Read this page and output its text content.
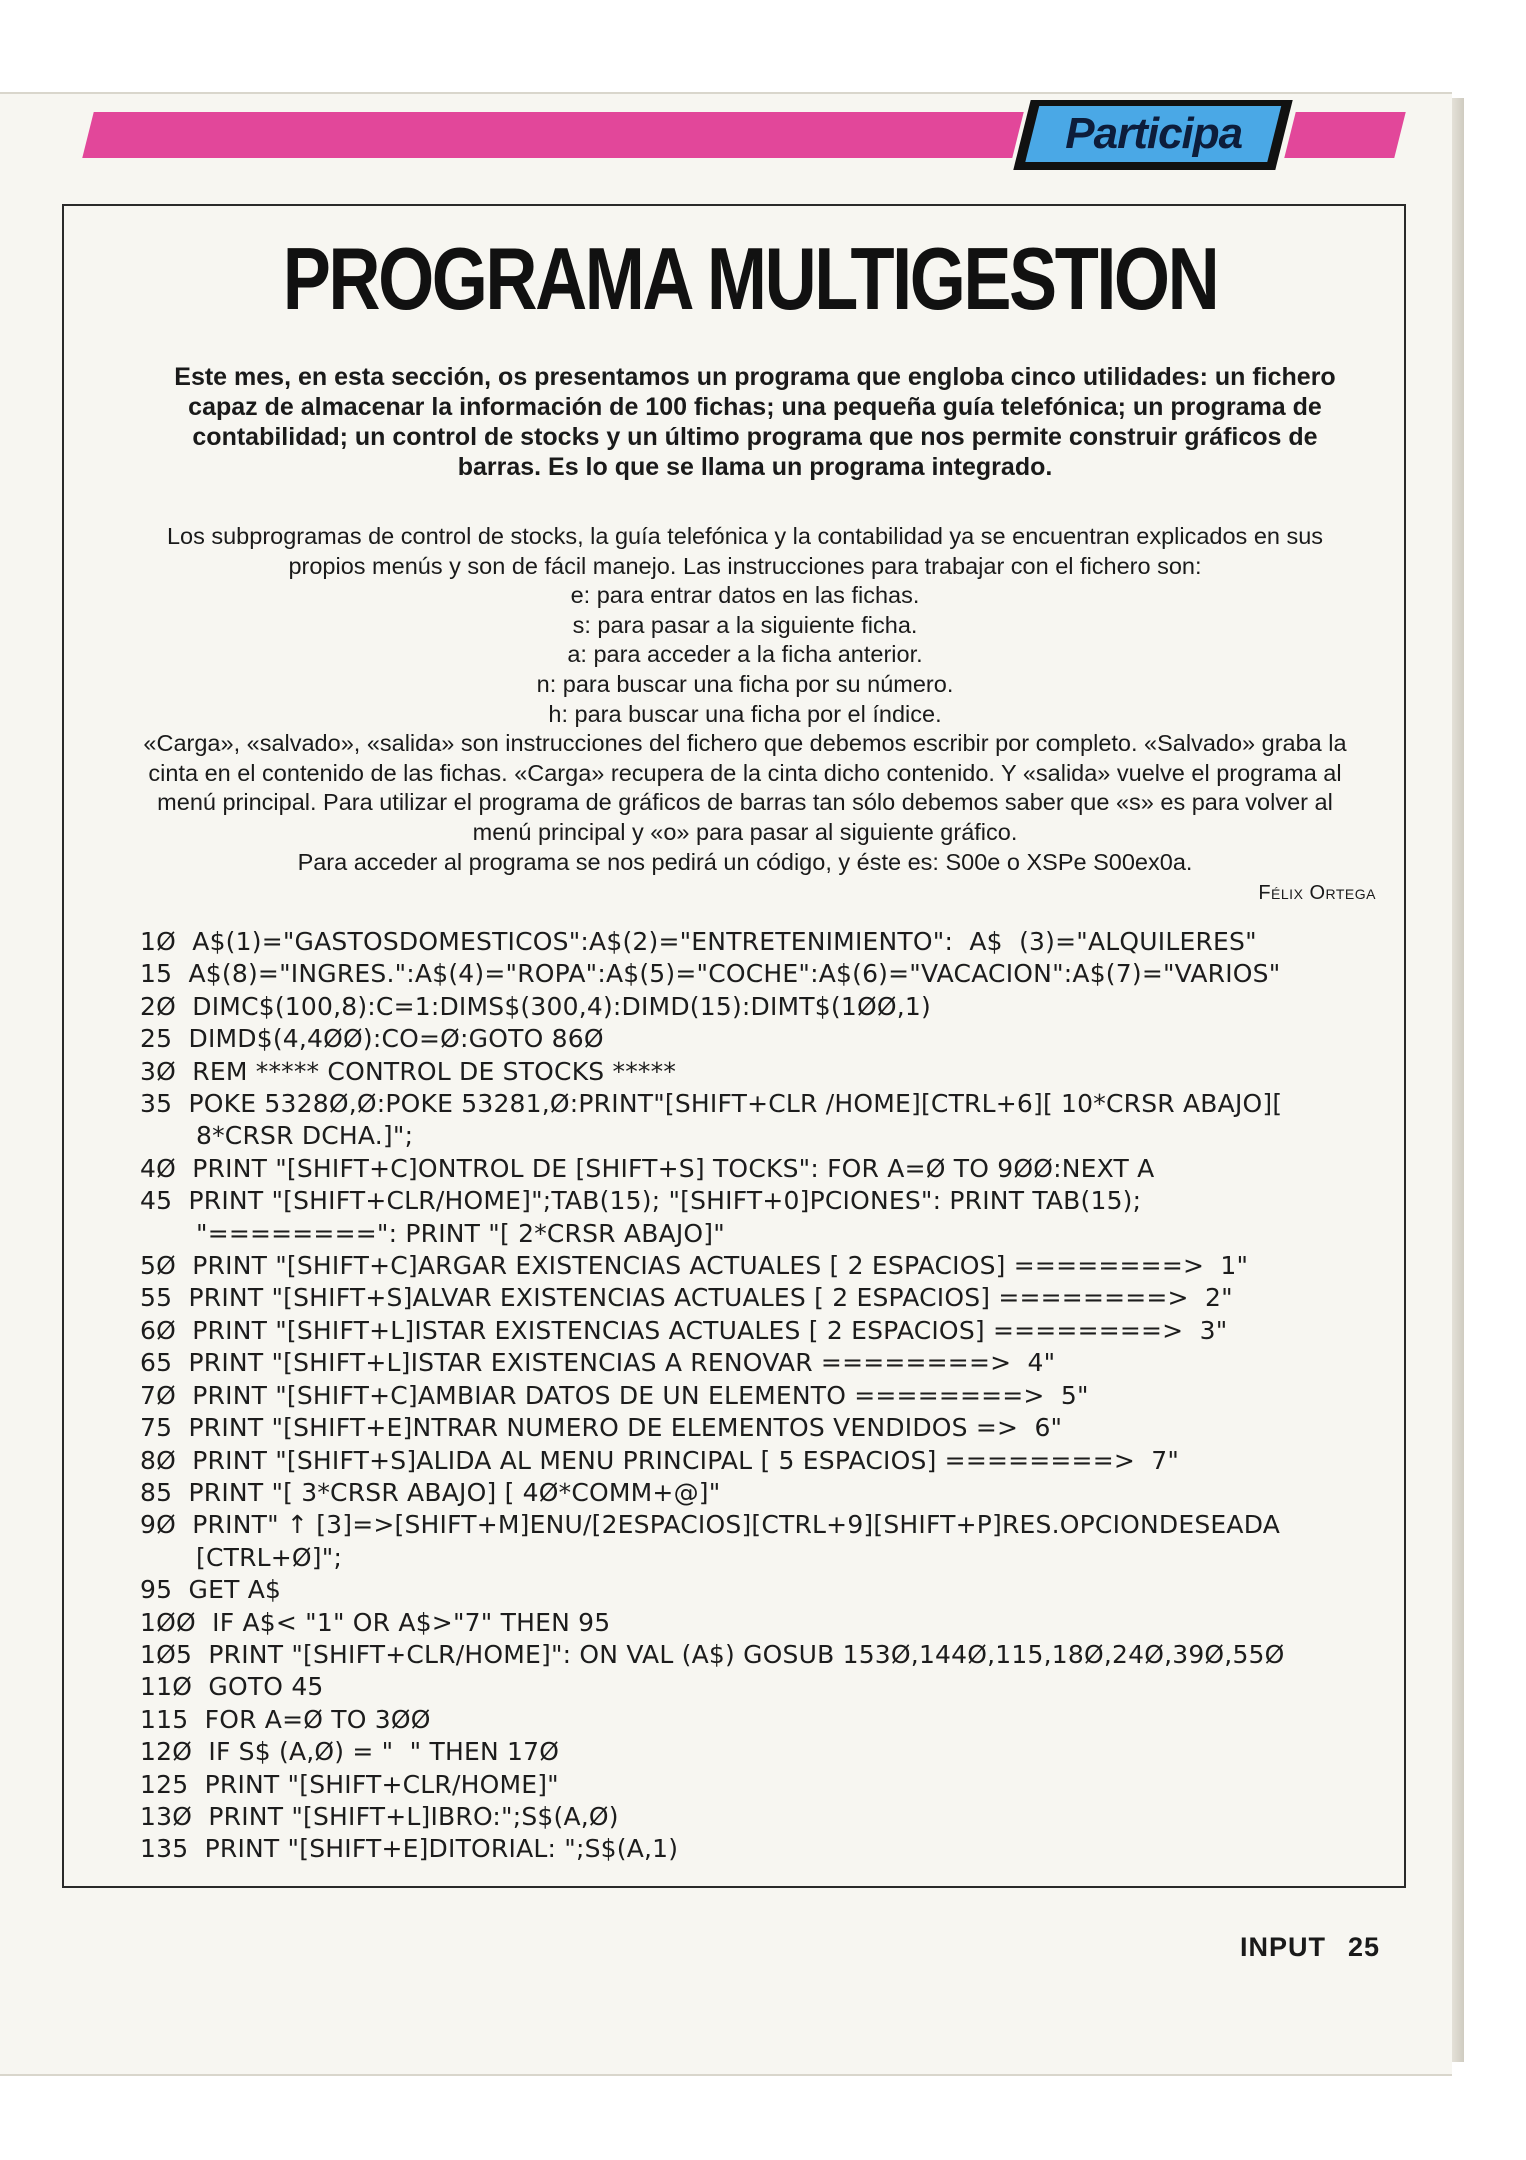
Participa
PROGRAMA MULTIGESTION

Este mes, en esta sección, os presentamos un programa que engloba cinco utilidades: un fichero capaz de almacenar la información de 100 fichas; una pequeña guía telefónica; un programa de contabilidad; un control de stocks y un último programa que nos permite construir gráficos de barras. Es lo que se llama un programa integrado.

Los subprogramas de control de stocks, la guía telefónica y la contabilidad ya se encuentran explicados en sus propios menús y son de fácil manejo. Las instrucciones para trabajar con el fichero son:

e: para entrar datos en las fichas.

s: para pasar a la siguiente ficha.

a: para acceder a la ficha anterior.

n: para buscar una ficha por su número.

h: para buscar una ficha por el índice.

«Carga», «salvado», «salida» son instrucciones del fichero que debemos escribir por completo. «Salvado» graba la cinta en el contenido de las fichas. «Carga» recupera de la cinta dicho contenido. Y «salida» vuelve el programa al menú principal. Para utilizar el programa de gráficos de barras tan sólo debemos saber que «s» es para volver al menú principal y «o» para pasar al siguiente gráfico.

Para acceder al programa se nos pedirá un código, y éste es: S00e o XSPe S00ex0a.

Félix Ortega
1Ø  A$(1)="GASTOSDOMESTICOS":A$(2)="ENTRETENIMIENTO":  A$  (3)="ALQUILERES"
15  A$(8)="INGRES.":A$(4)="ROPA":A$(5)="COCHE":A$(6)="VACACION":A$(7)="VARIOS"
2Ø  DIMC$(100,8):C=1:DIMS$(300,4):DIMD(15):DIMT$(1ØØ,1)
25  DIMD$(4,4ØØ):CO=Ø:GOTO 86Ø
3Ø  REM ***** CONTROL DE STOCKS *****
35  POKE 5328Ø,Ø:POKE 53281,Ø:PRINT"[SHIFT+CLR /HOME][CTRL+6][ 10*CRSR ABAJO][
8*CRSR DCHA.]";
4Ø  PRINT "[SHIFT+C]ONTROL DE [SHIFT+S] TOCKS": FOR A=Ø TO 9ØØ:NEXT A
45  PRINT "[SHIFT+CLR/HOME]";TAB(15); "[SHIFT+0]PCIONES": PRINT TAB(15);
"========": PRINT "[ 2*CRSR ABAJO]"
5Ø  PRINT "[SHIFT+C]ARGAR EXISTENCIAS ACTUALES [ 2 ESPACIOS] ========>  1"
55  PRINT "[SHIFT+S]ALVAR EXISTENCIAS ACTUALES [ 2 ESPACIOS] ========>  2"
6Ø  PRINT "[SHIFT+L]ISTAR EXISTENCIAS ACTUALES [ 2 ESPACIOS] ========>  3"
65  PRINT "[SHIFT+L]ISTAR EXISTENCIAS A RENOVAR ========>  4"
7Ø  PRINT "[SHIFT+C]AMBIAR DATOS DE UN ELEMENTO ========>  5"
75  PRINT "[SHIFT+E]NTRAR NUMERO DE ELEMENTOS VENDIDOS =>  6"
8Ø  PRINT "[SHIFT+S]ALIDA AL MENU PRINCIPAL [ 5 ESPACIOS] ========>  7"
85  PRINT "[ 3*CRSR ABAJO] [ 4Ø*COMM+@]"
9Ø  PRINT" ↑ [3]=>[SHIFT+M]ENU/[2ESPACIOS][CTRL+9][SHIFT+P]RES.OPCIONDESEADA
[CTRL+Ø]";
95  GET A$
1ØØ  IF A$< "1" OR A$>"7" THEN 95
1Ø5  PRINT "[SHIFT+CLR/HOME]": ON VAL (A$) GOSUB 153Ø,144Ø,115,18Ø,24Ø,39Ø,55Ø
11Ø  GOTO 45
115  FOR A=Ø TO 3ØØ
12Ø  IF S$ (A,Ø) = "  " THEN 17Ø
125  PRINT "[SHIFT+CLR/HOME]"
13Ø  PRINT "[SHIFT+L]IBRO:";S$(A,Ø)
135  PRINT "[SHIFT+E]DITORIAL: ";S$(A,1)
INPUT 25
